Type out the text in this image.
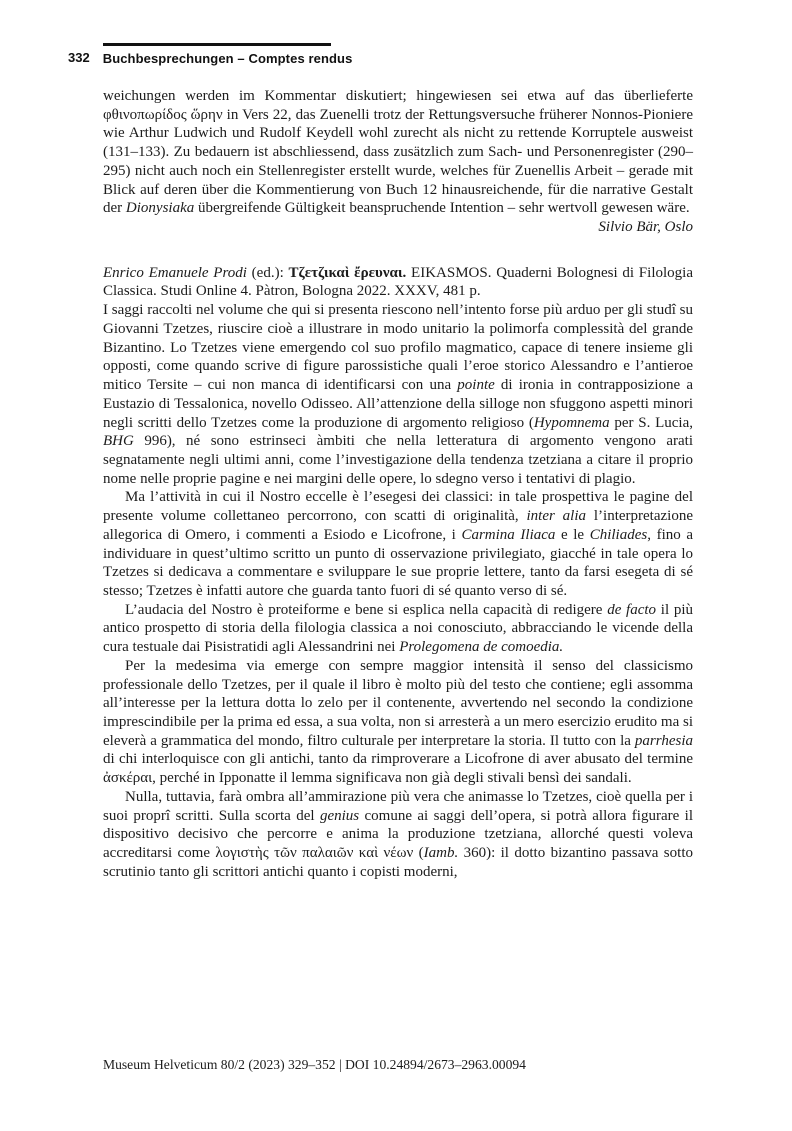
332 Buchbesprechungen – Comptes rendus

weichungen werden im Kommentar diskutiert; hingewiesen sei etwa auf das überlieferte φθινοπωρίδος ὥρην in Vers 22, das Zuenelli trotz der Rettungsversuche früherer Nonnos-Pioniere wie Arthur Ludwich und Rudolf Keydell wohl zurecht als nicht zu rettende Korruptele ausweist (131–133). Zu bedauern ist abschliessend, dass zusätzlich zum Sach- und Personenregister (290–295) nicht auch noch ein Stellenregister erstellt wurde, welches für Zuenellis Arbeit – gerade mit Blick auf deren über die Kommentierung von Buch 12 hinausreichende, für die narrative Gestalt der Dionysiaka übergreifende Gültigkeit beanspruchende Intention – sehr wertvoll gewesen wäre.

Silvio Bär, Oslo

Enrico Emanuele Prodi (ed.): Τζετζικαὶ ἔρευναι. EIKASMOS. Quaderni Bolognesi di Filologia Classica. Studi Online 4. Pàtron, Bologna 2022. XXXV, 481 p.

I saggi raccolti nel volume che qui si presenta riescono nell’intento forse più arduo per gli studî su Giovanni Tzetzes, riuscire cioè a illustrare in modo unitario la polimorfa complessità del grande Bizantino. Lo Tzetzes viene emergendo col suo profilo magmatico, capace di tenere insieme gli opposti, come quando scrive di figure parossistiche quali l’eroe storico Alessandro e l’antieroe mitico Tersite – cui non manca di identificarsi con una pointe di ironia in contrapposizione a Eustazio di Tessalonica, novello Odisseo. All’attenzione della silloge non sfuggono aspetti minori negli scritti dello Tzetzes come la produzione di argomento religioso (Hypomnema per S. Lucia, BHG 996), né sono estrinseci àmbiti che nella letteratura di argomento vengono arati segnatamente negli ultimi anni, come l’investigazione della tendenza tzetziana a citare il proprio nome nelle proprie pagine e nei margini delle opere, lo sdegno verso i tentativi di plagio.

Ma l’attività in cui il Nostro eccelle è l’esegesi dei classici: in tale prospettiva le pagine del presente volume collettaneo percorrono, con scatti di originalità, inter alia l’interpretazione allegorica di Omero, i commenti a Esiodo e Licofrone, i Carmina Iliaca e le Chiliades, fino a individuare in quest’ultimo scritto un punto di osservazione privilegiato, giacché in tale opera lo Tzetzes si dedicava a commentare e sviluppare le sue proprie lettere, tanto da farsi esegeta di sé stesso; Tzetzes è infatti autore che guarda tanto fuori di sé quanto verso di sé.

L’audacia del Nostro è proteiforme e bene si esplica nella capacità di redigere de facto il più antico prospetto di storia della filologia classica a noi conosciuto, abbracciando le vicende della cura testuale dai Pisistratidi agli Alessandrini nei Prolegomena de comoedia.

Per la medesima via emerge con sempre maggior intensità il senso del classicismo professionale dello Tzetzes, per il quale il libro è molto più del testo che contiene; egli assomma all’interesse per la lettura dotta lo zelo per il contenente, avvertendo nel secondo la condizione imprescindibile per la prima ed essa, a sua volta, non si arresterà a un mero esercizio erudito ma si eleverà a grammatica del mondo, filtro culturale per interpretare la storia. Il tutto con la parrhesia di chi interloquisce con gli antichi, tanto da rimproverare a Licofrone di aver abusato del termine ἀσκέραι, perché in Ipponatte il lemma significava non già degli stivali bensì dei sandali.

Nulla, tuttavia, farà ombra all’ammirazione più vera che animasse lo Tzetzes, cioè quella per i suoi proprî scritti. Sulla scorta del genius comune ai saggi dell’opera, si potrà allora figurare il dispositivo decisivo che percorre e anima la produzione tzetziana, allorché questi voleva accreditarsi come λογιστὴς τῶν παλαιῶν καὶ νέων (Iamb. 360): il dotto bizantino passava sotto scrutinio tanto gli scrittori antichi quanto i copisti moderni,

Museum Helveticum 80/2 (2023) 329–352 | DOI 10.24894/2673–2963.00094
